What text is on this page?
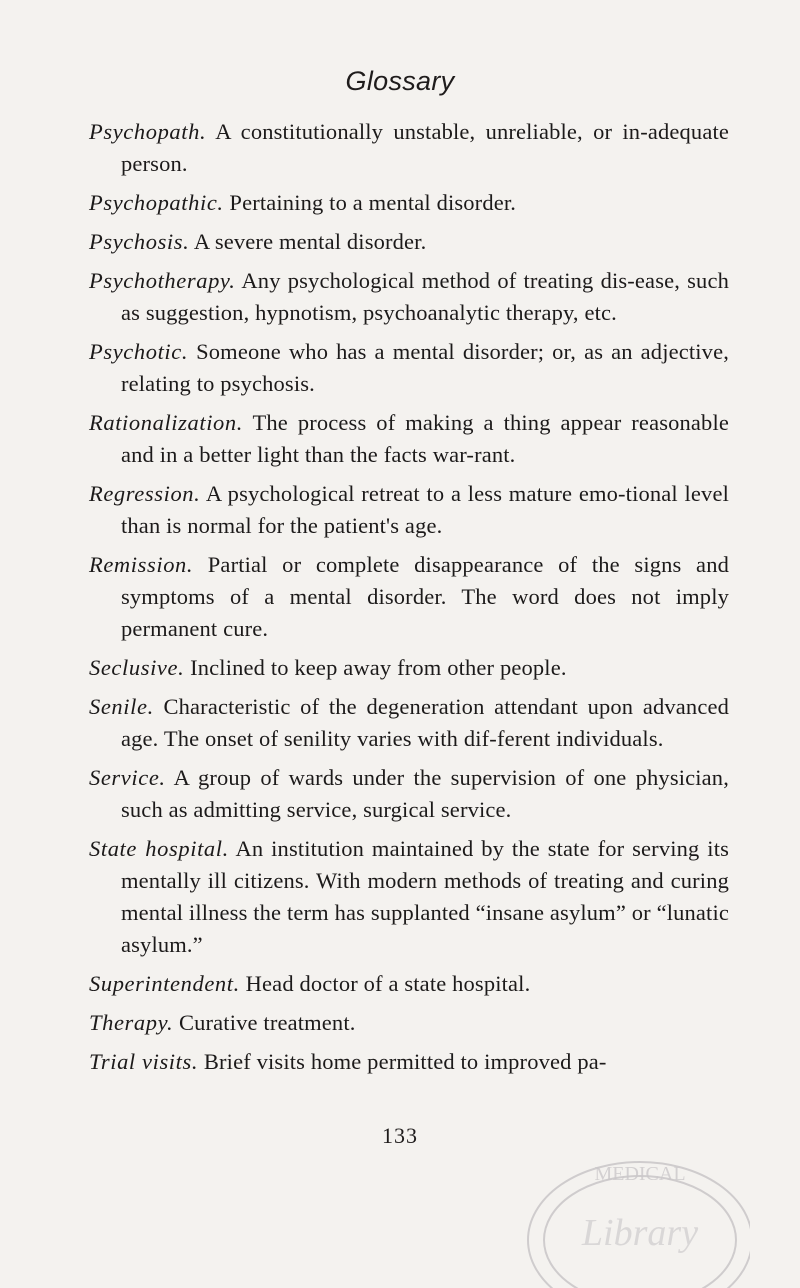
Glossary

Psychopath. A constitutionally unstable, unreliable, or in-adequate person.

Psychopathic. Pertaining to a mental disorder.

Psychosis. A severe mental disorder.

Psychotherapy. Any psychological method of treating dis-ease, such as suggestion, hypnotism, psychoanalytic therapy, etc.

Psychotic. Someone who has a mental disorder; or, as an adjective, relating to psychosis.

Rationalization. The process of making a thing appear reasonable and in a better light than the facts war-rant.

Regression. A psychological retreat to a less mature emo-tional level than is normal for the patient's age.

Remission. Partial or complete disappearance of the signs and symptoms of a mental disorder. The word does not imply permanent cure.

Seclusive. Inclined to keep away from other people.

Senile. Characteristic of the degeneration attendant upon advanced age. The onset of senility varies with dif-ferent individuals.

Service. A group of wards under the supervision of one physician, such as admitting service, surgical service.

State hospital. An institution maintained by the state for serving its mentally ill citizens. With modern methods of treating and curing mental illness the term has supplanted “insane asylum” or “lunatic asylum.”

Superintendent. Head doctor of a state hospital.

Therapy. Curative treatment.

Trial visits. Brief visits home permitted to improved pa-

133
MEDICAL
Library
